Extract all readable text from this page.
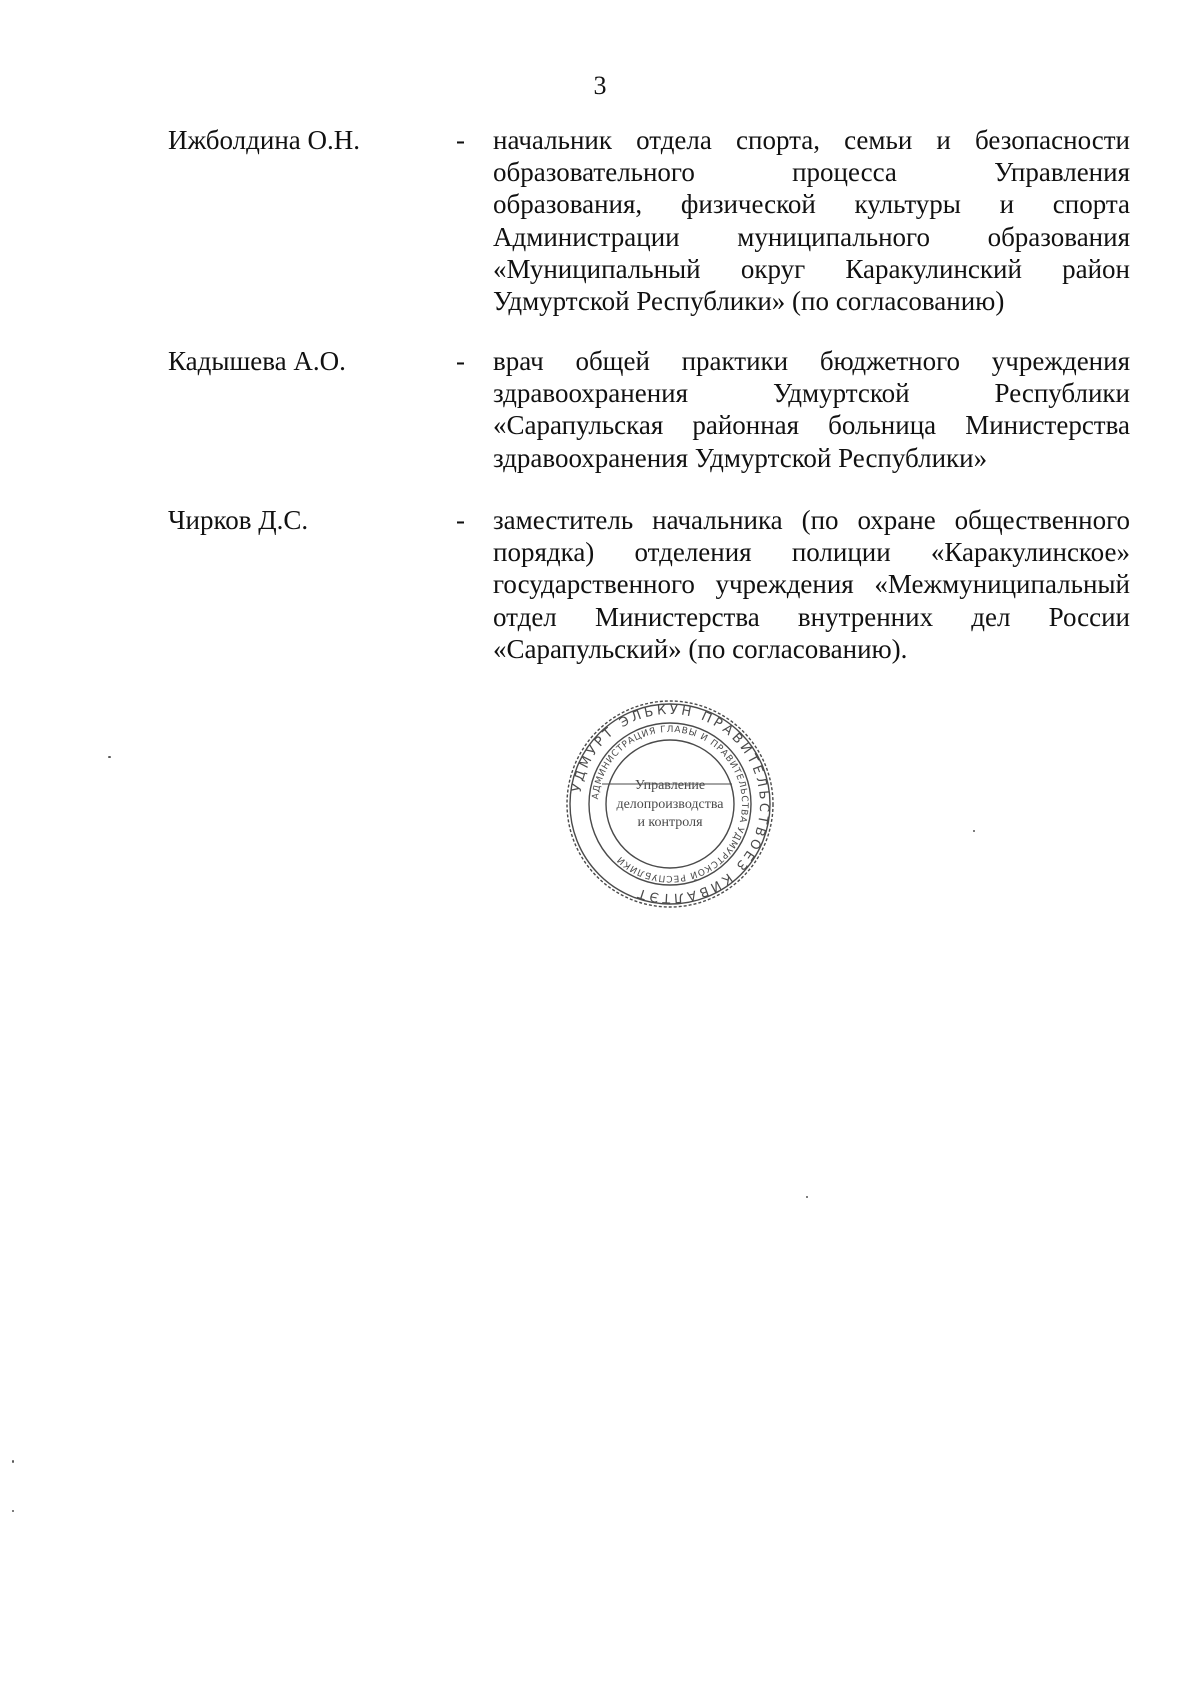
3
Ижболдина О.Н.	- начальник отдела спорта, семьи и безопасности
образовательного процесса Управления
образования, физической культуры и спорта
Администрации муниципального образования
«Муниципальный округ Каракулинский район
Удмуртской Республики» (по согласованию)
Кадышева А.О.	- врач общей практики бюджетного учреждения
здравоохранения Удмуртской Республики
«Сарапульская районная больница Министерства
здравоохранения Удмуртской Республики»
Чирков Д.С.	- заместитель начальника (по охране общественного
порядка) отделения полиции «Каракулинское»
государственного учреждения «Межмуниципальный
отдел Министерства внутренних дел России
«Сарапульский» (по согласованию).
УДМУРТ ЭЛЬКУН ПРАВИТЕЛЬСТВОЕЗ КИВАЛТЭТ
АДМИНИСТРАЦИЯ ГЛАВЫ И ПРАВИТЕЛЬСТВА УДМУРТСКОЙ РЕСПУБЛИКИ
Управление
делопроизводства
и контроля
